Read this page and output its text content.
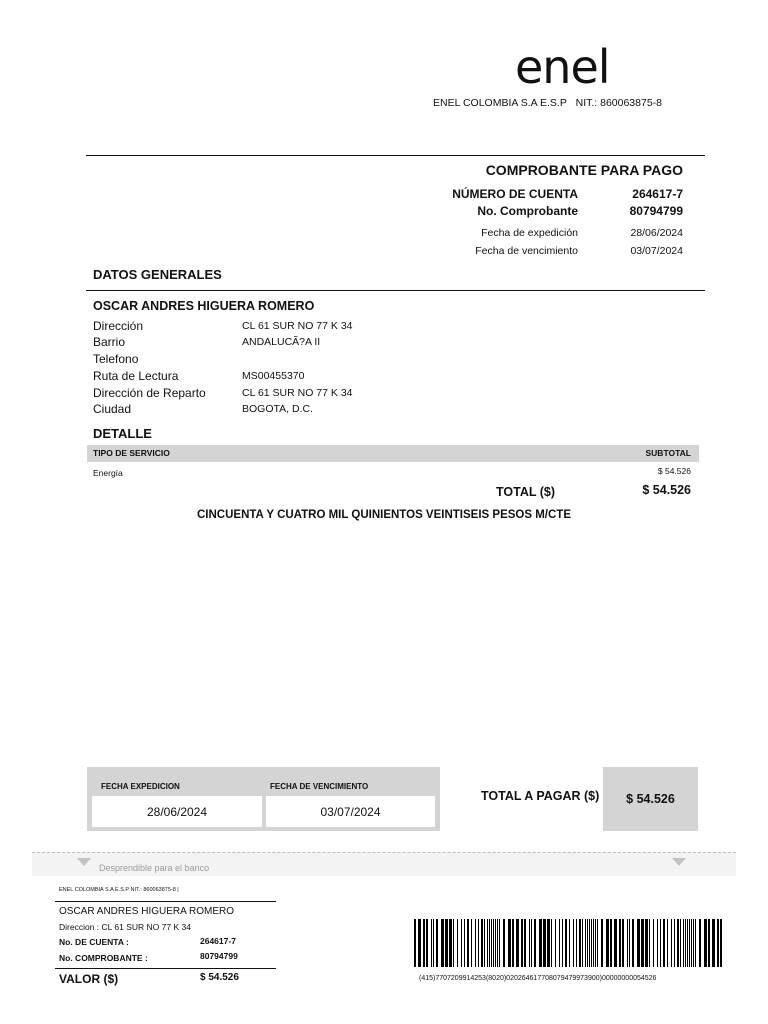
enel
ENEL COLOMBIA S.A E.S.P NIT.: 860063875-8
COMPROBANTE PARA PAGO
NÚMERO DE CUENTA	264617-7
No. Comprobante	80794799
Fecha de expedición	28/06/2024
Fecha de vencimiento	03/07/2024
DATOS GENERALES
OSCAR ANDRES HIGUERA ROMERO
Dirección	CL 61 SUR NO 77 K 34
Barrio	ANDALUCÃ?A II
Telefono
Ruta de Lectura	MS00455370
Dirección de Reparto	CL 61 SUR NO 77 K 34
Ciudad	BOGOTA, D.C.
DETALLE
TIPO DE SERVICIO	SUBTOTAL
Energía	$ 54.526
TOTAL ($)	$ 54.526
CINCUENTA Y CUATRO MIL QUINIENTOS VEINTISEIS PESOS M/CTE
FECHA EXPEDICION	FECHA DE VENCIMIENTO
28/06/2024	03/07/2024
TOTAL A PAGAR ($)	$ 54.526
Desprendible para el banco
ENEL COLOMBIA S.A E.S.P NIT.: 860063875-8 |
OSCAR ANDRES HIGUERA ROMERO
Direccion : CL 61 SUR NO 77 K 34
No. DE CUENTA :	264617-7
No. COMPROBANTE :	80794799
VALOR ($)	$ 54.526	(415)7707209914253(8020)020264617708079479973900)00000000054526
